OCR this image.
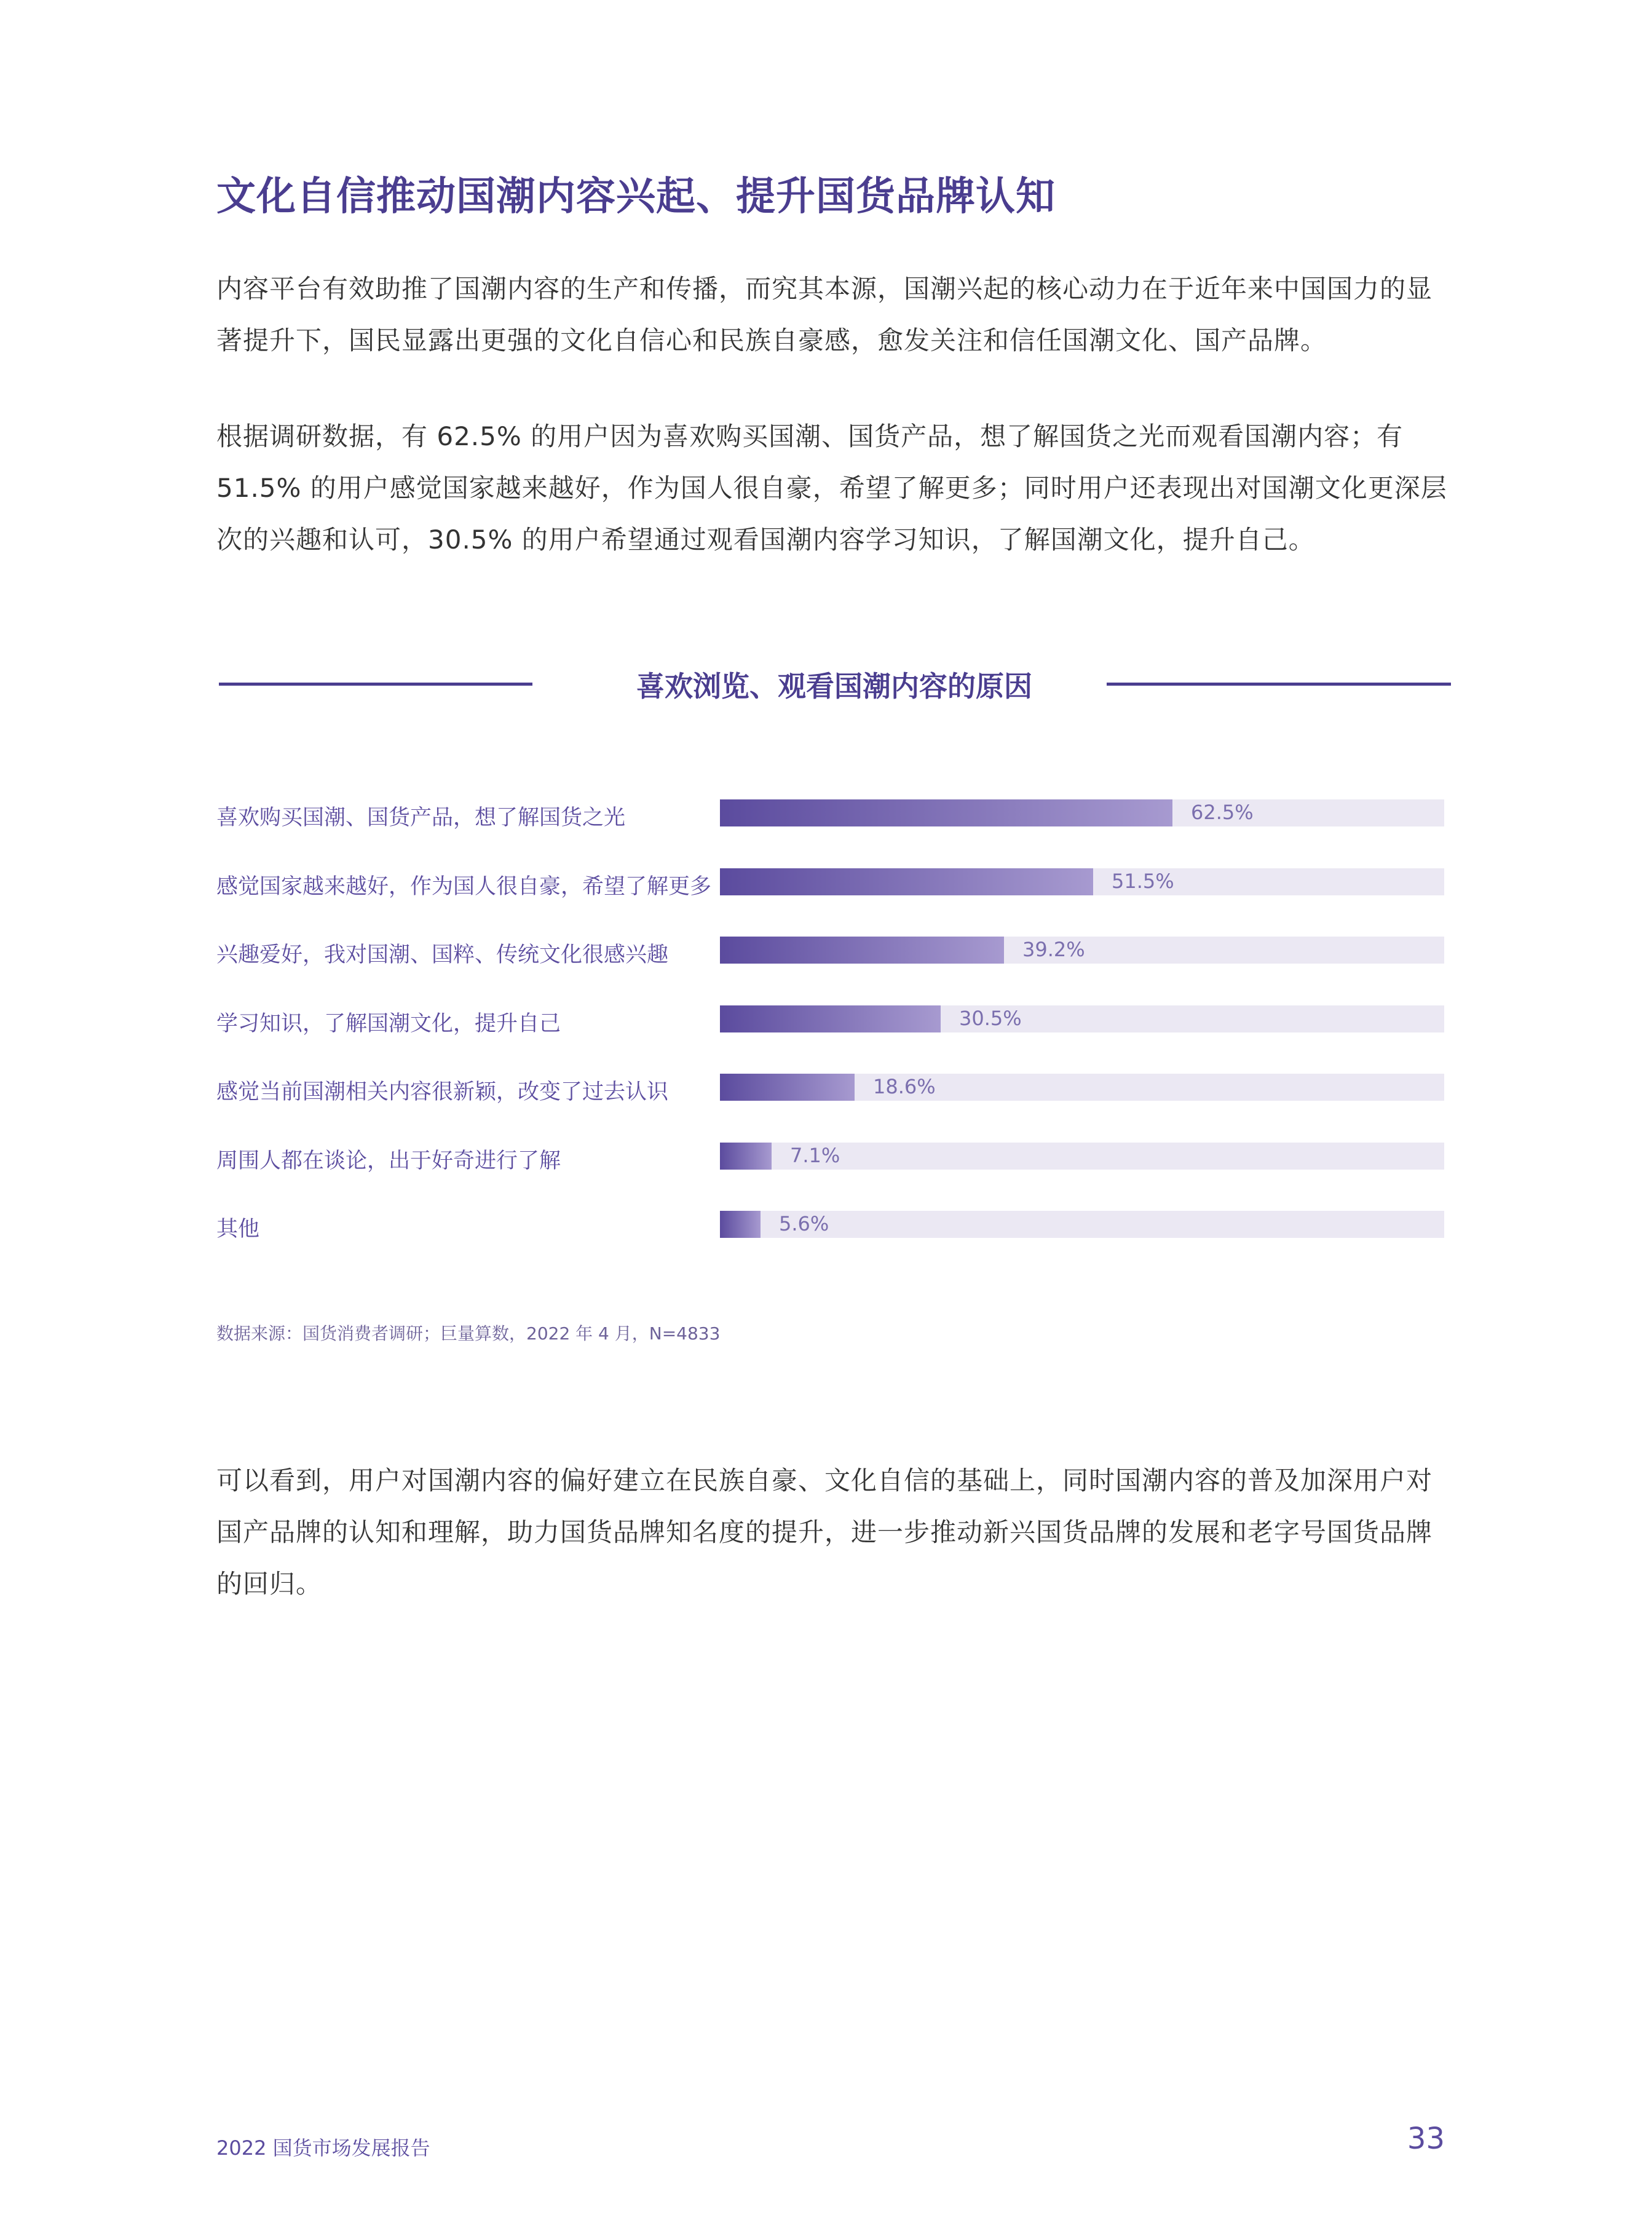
文化自信推动国潮内容兴起、提升国货品牌认知

内容平台有效助推了国潮内容的生产和传播，而究其本源，国潮兴起的核心动力在于近年来中国国力的显著提升下，国民显露出更强的文化自信心和民族自豪感，愈发关注和信任国潮文化、国产品牌。

根据调研数据，有 62.5% 的用户因为喜欢购买国潮、国货产品，想了解国货之光而观看国潮内容；有 51.5% 的用户感觉国家越来越好，作为国人很自豪，希望了解更多；同时用户还表现出对国潮文化更深层次的兴趣和认可，30.5% 的用户希望通过观看国潮内容学习知识，了解国潮文化，提升自己。

喜欢浏览、观看国潮内容的原因
喜欢购买国潮、国货产品，想了解国货之光	62.5%
感觉国家越来越好，作为国人很自豪，希望了解更多	51.5%
兴趣爱好，我对国潮、国粹、传统文化很感兴趣	39.2%
学习知识，了解国潮文化，提升自己	30.5%
感觉当前国潮相关内容很新颖，改变了过去认识	18.6%
周围人都在谈论，出于好奇进行了解	7.1%
其他	5.6%
数据来源：国货消费者调研；巨量算数，2022 年 4 月，N=4833

可以看到，用户对国潮内容的偏好建立在民族自豪、文化自信的基础上，同时国潮内容的普及加深用户对国产品牌的认知和理解，助力国货品牌知名度的提升，进一步推动新兴国货品牌的发展和老字号国货品牌的回归。

2022 国货市场发展报告	33
